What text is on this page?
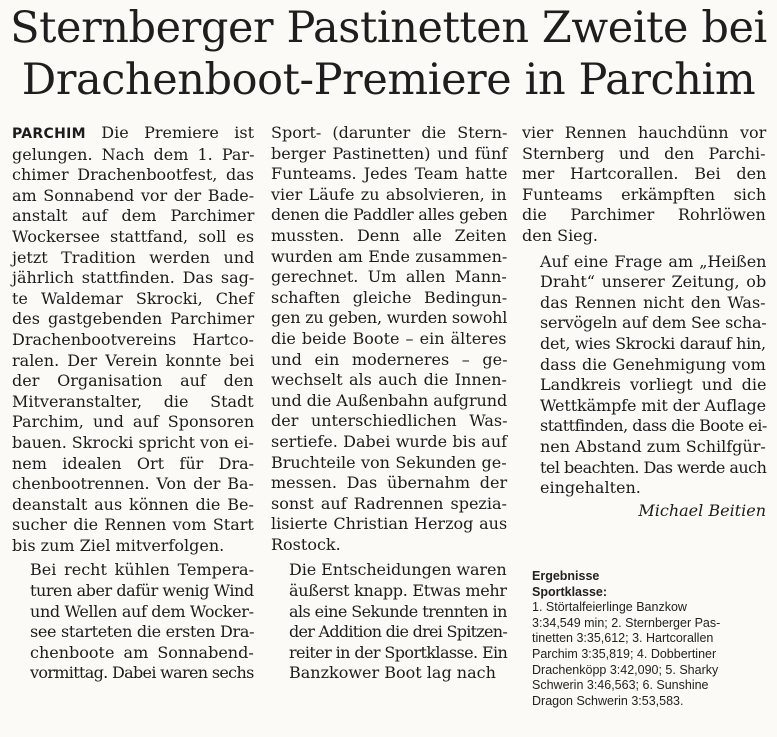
Sternberger Pastinetten Zweite bei
Drachenboot-Premiere in Parchim

PARCHIM Die Premiere ist
gelungen. Nach dem 1. Par-
chimer Drachenbootfest, das
am Sonnabend vor der Bade-
anstalt auf dem Parchimer
Wockersee stattfand, soll es
jetzt Tradition werden und
jährlich stattfinden. Das sag-
te Waldemar Skrocki, Chef
des gastgebenden Parchimer
Drachenbootvereins Hartco-
ralen. Der Verein konnte bei
der Organisation auf den
Mitveranstalter, die Stadt
Parchim, und auf Sponsoren
bauen. Skrocki spricht von ei-
nem idealen Ort für Dra-
chenbootrennen. Von der Ba-
deanstalt aus können die Be-
sucher die Rennen vom Start
bis zum Ziel mitverfolgen.

Bei recht kühlen Tempera-
turen aber dafür wenig Wind
und Wellen auf dem Wocker-
see starteten die ersten Dra-
chenboote am Sonnabend-
vormittag. Dabei waren sechs

Sport- (darunter die Stern-
berger Pastinetten) und fünf
Funteams. Jedes Team hatte
vier Läufe zu absolvieren, in
denen die Paddler alles geben
mussten. Denn alle Zeiten
wurden am Ende zusammen-
gerechnet. Um allen Mann-
schaften gleiche Bedingun-
gen zu geben, wurden sowohl
die beide Boote – ein älteres
und ein moderneres – ge-
wechselt als auch die Innen-
und die Außenbahn aufgrund
der unterschiedlichen Was-
sertiefe. Dabei wurde bis auf
Bruchteile von Sekunden ge-
messen. Das übernahm der
sonst auf Radrennen spezia-
lisierte Christian Herzog aus
Rostock.

Die Entscheidungen waren
äußerst knapp. Etwas mehr
als eine Sekunde trennten in
der Addition die drei Spitzen-
reiter in der Sportklasse. Ein
Banzkower Boot lag nach

vier Rennen hauchdünn vor
Sternberg und den Parchi-
mer Hartcorallen. Bei den
Funteams erkämpften sich
die Parchimer Rohrlöwen
den Sieg.

Auf eine Frage am „Heißen
Draht“ unserer Zeitung, ob
das Rennen nicht den Was-
servögeln auf dem See scha-
det, wies Skrocki darauf hin,
dass die Genehmigung vom
Landkreis vorliegt und die
Wettkämpfe mit der Auflage
stattfinden, dass die Boote ei-
nen Abstand zum Schilfgür-
tel beachten. Das werde auch
eingehalten.

Michael Beitien
Ergebnisse
Sportklasse:
1. Störtalfeierlinge Banzkow
3:34,549 min; 2. Sternberger Pas-
tinetten 3:35,612; 3. Hartcorallen
Parchim 3:35,819; 4. Dobbertiner
Drachenköpp 3:42,090; 5. Sharky
Schwerin 3:46,563; 6. Sunshine
Dragon Schwerin 3:53,583.
